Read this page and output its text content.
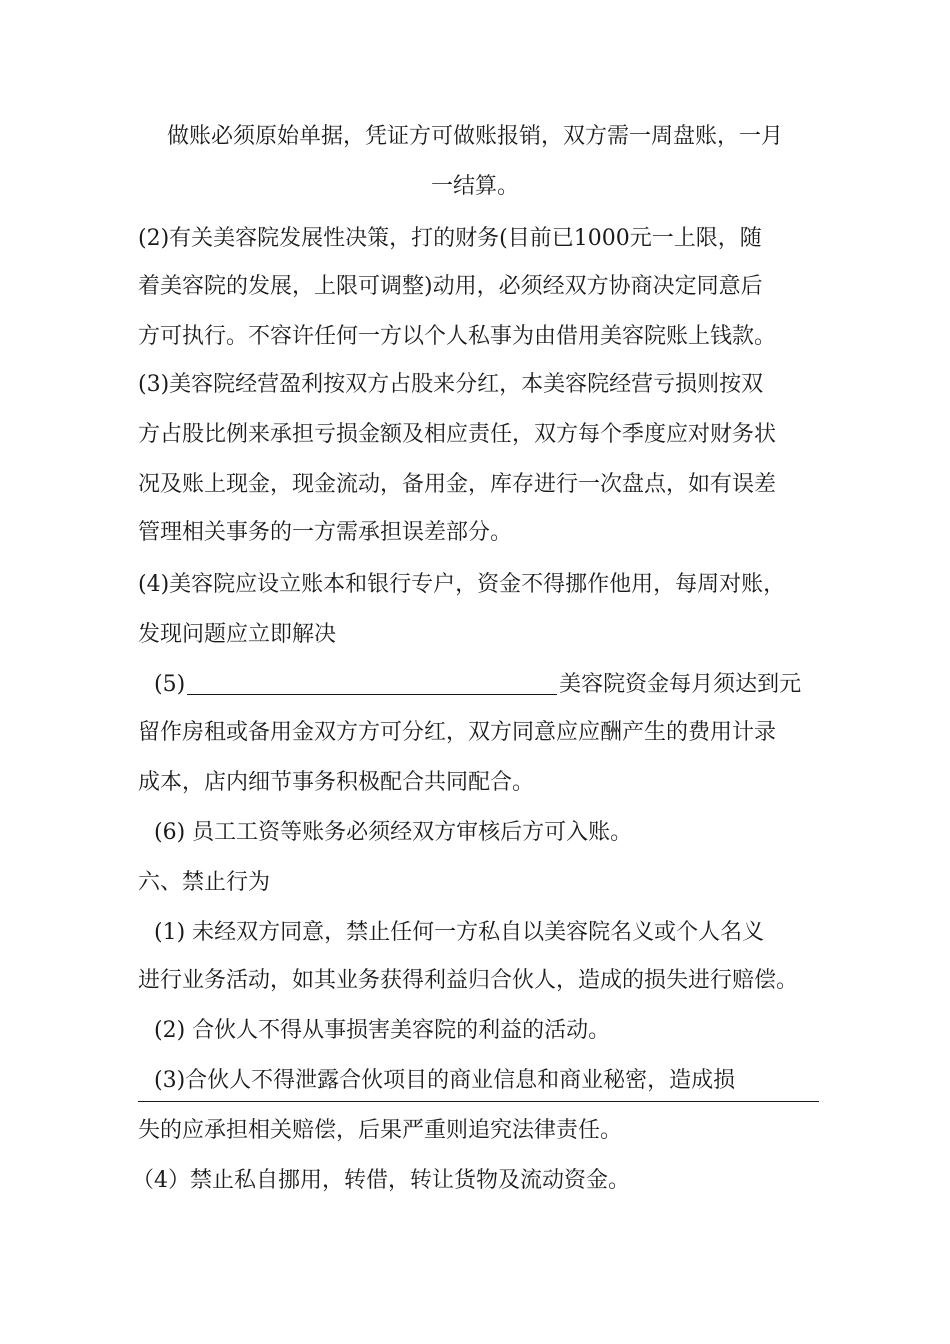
做账必须原始单据，凭证方可做账报销，双方需一周盘账，一月
一结算。
(2)有关美容院发展性决策，打的财务(目前已1000元一上限，随
着美容院的发展，上限可调整)动用，必须经双方协商决定同意后
方可执行。不容许任何一方以个人私事为由借用美容院账上钱款。
(3)美容院经营盈利按双方占股来分红，本美容院经营亏损则按双
方占股比例来承担亏损金额及相应责任，双方每个季度应对财务状
况及账上现金，现金流动，备用金，库存进行一次盘点，如有误差
管理相关事务的一方需承担误差部分。
(4)美容院应设立账本和银行专户，资金不得挪作他用，每周对账，
发现问题应立即解决
(5)	美容院资金每月须达到元
留作房租或备用金双方方可分红，双方同意应应酬产生的费用计录
成本，店内细节事务积极配合共同配合。
(6) 员工工资等账务必须经双方审核后方可入账。
六、禁止行为
(1) 未经双方同意，禁止任何一方私自以美容院名义或个人名义
进行业务活动，如其业务获得利益归合伙人，造成的损失进行赔偿。
(2) 合伙人不得从事损害美容院的利益的活动。
(3)合伙人不得泄露合伙项目的商业信息和商业秘密，造成损
失的应承担相关赔偿，后果严重则追究法律责任。
（4）禁止私自挪用，转借，转让货物及流动资金。
